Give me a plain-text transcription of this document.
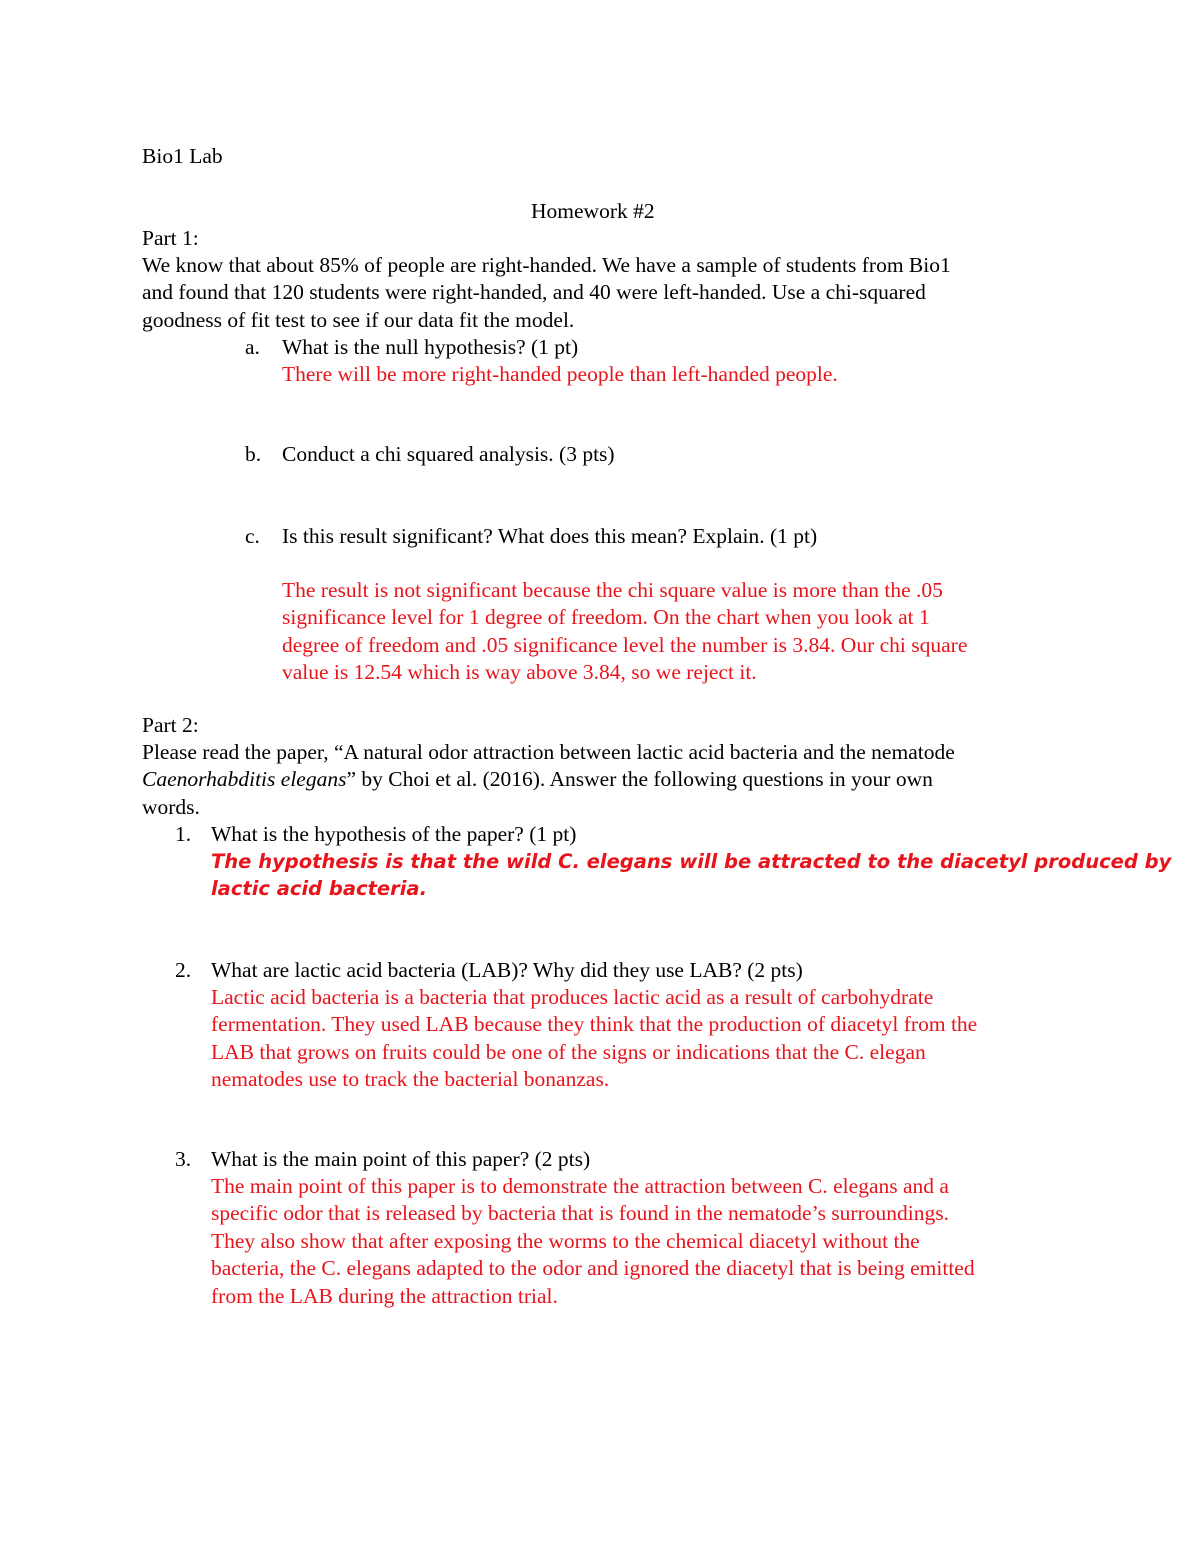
Bio1 Lab
Homework #2
Part 1:
We know that about 85% of people are right-handed. We have a sample of students from Bio1
and found that 120 students were right-handed, and 40 were left-handed. Use a chi-squared
goodness of fit test to see if our data fit the model.
a. What is the null hypothesis? (1 pt)
There will be more right-handed people than left-handed people.
b. Conduct a chi squared analysis. (3 pts)
c. Is this result significant? What does this mean? Explain. (1 pt)
The result is not significant because the chi square value is more than the .05
significance level for 1 degree of freedom. On the chart when you look at 1
degree of freedom and .05 significance level the number is 3.84. Our chi square
value is 12.54 which is way above 3.84, so we reject it.
Part 2:
Please read the paper, “A natural odor attraction between lactic acid bacteria and the nematode
Caenorhabditis elegans” by Choi et al. (2016). Answer the following questions in your own
words.
1. What is the hypothesis of the paper? (1 pt)
The hypothesis is that the wild C. elegans will be attracted to the diacetyl produced by
lactic acid bacteria.
2. What are lactic acid bacteria (LAB)? Why did they use LAB? (2 pts)
Lactic acid bacteria is a bacteria that produces lactic acid as a result of carbohydrate
fermentation. They used LAB because they think that the production of diacetyl from the
LAB that grows on fruits could be one of the signs or indications that the C. elegan
nematodes use to track the bacterial bonanzas.
3. What is the main point of this paper? (2 pts)
The main point of this paper is to demonstrate the attraction between C. elegans and a
specific odor that is released by bacteria that is found in the nematode’s surroundings.
They also show that after exposing the worms to the chemical diacetyl without the
bacteria, the C. elegans adapted to the odor and ignored the diacetyl that is being emitted
from the LAB during the attraction trial.
